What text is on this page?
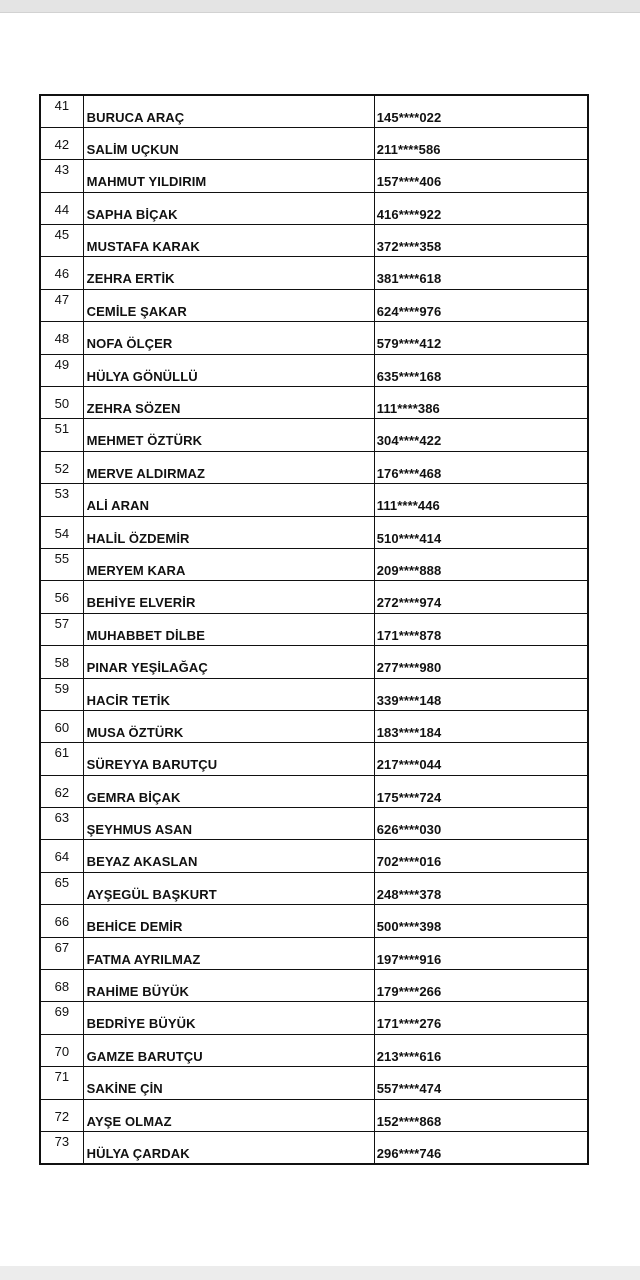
41	BURUCA ARAÇ	145****022
42	SALİM UÇKUN	211****586
43	MAHMUT YILDIRIM	157****406
44	SAPHA BİÇAK	416****922
45	MUSTAFA KARAK	372****358
46	ZEHRA ERTİK	381****618
47	CEMİLE ŞAKAR	624****976
48	NOFA ÖLÇER	579****412
49	HÜLYA GÖNÜLLÜ	635****168
50	ZEHRA SÖZEN	111****386
51	MEHMET ÖZTÜRK	304****422
52	MERVE ALDIRMAZ	176****468
53	ALİ ARAN	111****446
54	HALİL ÖZDEMİR	510****414
55	MERYEM KARA	209****888
56	BEHİYE ELVERİR	272****974
57	MUHABBET DİLBE	171****878
58	PINAR YEŞİLAĞAÇ	277****980
59	HACİR TETİK	339****148
60	MUSA ÖZTÜRK	183****184
61	SÜREYYA BARUTÇU	217****044
62	GEMRA BİÇAK	175****724
63	ŞEYHMUS ASAN	626****030
64	BEYAZ AKASLAN	702****016
65	AYŞEGÜL BAŞKURT	248****378
66	BEHİCE DEMİR	500****398
67	FATMA AYRILMAZ	197****916
68	RAHİME BÜYÜK	179****266
69	BEDRİYE BÜYÜK	171****276
70	GAMZE BARUTÇU	213****616
71	SAKİNE ÇİN	557****474
72	AYŞE OLMAZ	152****868
73	HÜLYA ÇARDAK	296****746
